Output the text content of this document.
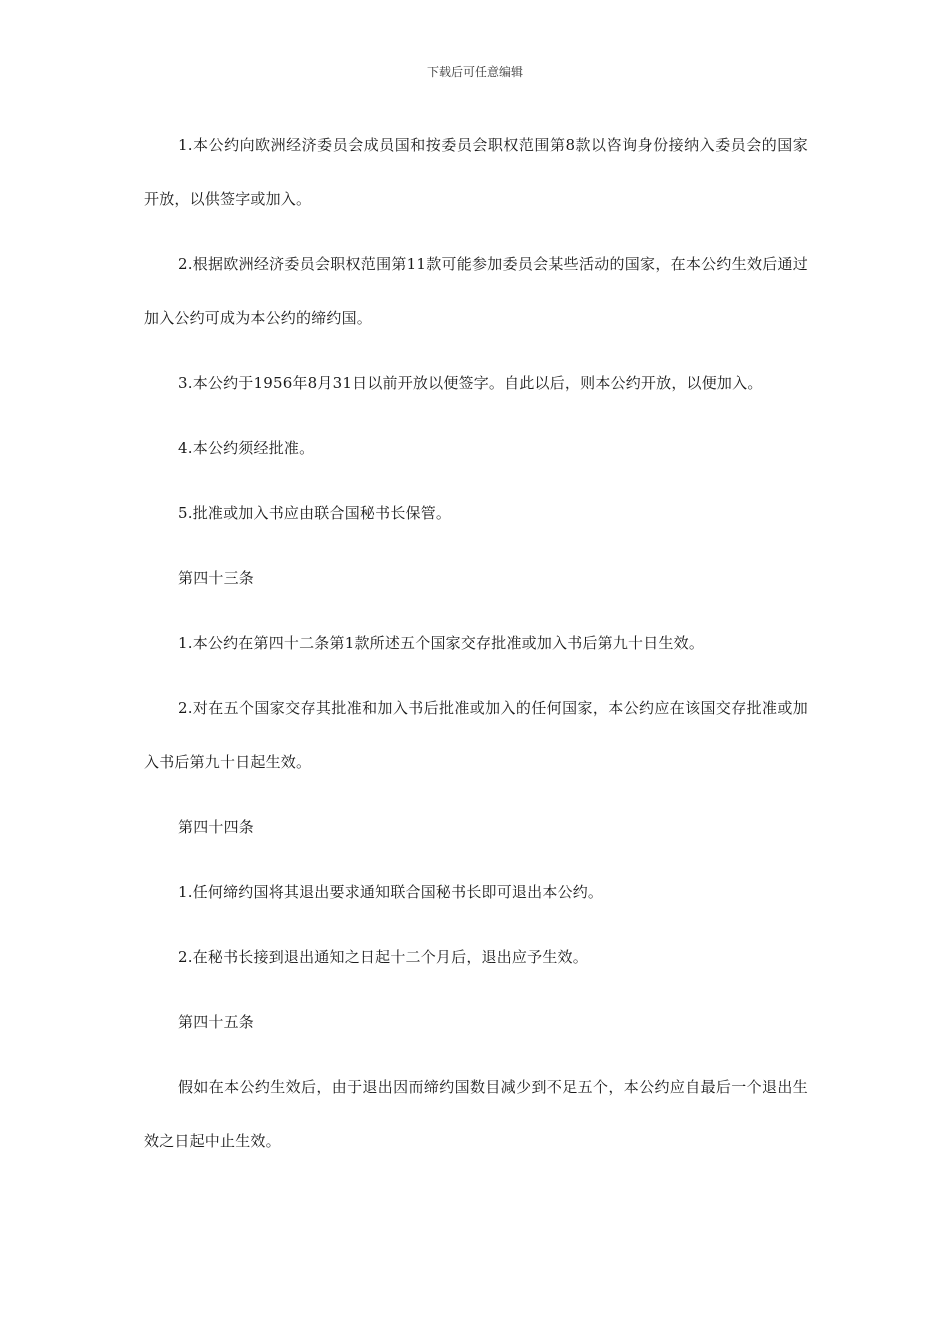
下载后可任意编辑

1.本公约向欧洲经济委员会成员国和按委员会职权范围第8款以咨询身份接纳入委员会的国家开放，以供签字或加入。

2.根据欧洲经济委员会职权范围第11款可能参加委员会某些活动的国家，在本公约生效后通过加入公约可成为本公约的缔约国。

3.本公约于1956年8月31日以前开放以便签字。自此以后，则本公约开放，以便加入。

4.本公约须经批准。

5.批准或加入书应由联合国秘书长保管。

第四十三条

1.本公约在第四十二条第1款所述五个国家交存批准或加入书后第九十日生效。

2.对在五个国家交存其批准和加入书后批准或加入的任何国家，本公约应在该国交存批准或加入书后第九十日起生效。

第四十四条

1.任何缔约国将其退出要求通知联合国秘书长即可退出本公约。

2.在秘书长接到退出通知之日起十二个月后，退出应予生效。

第四十五条

假如在本公约生效后，由于退出因而缔约国数目减少到不足五个，本公约应自最后一个退出生效之日起中止生效。
